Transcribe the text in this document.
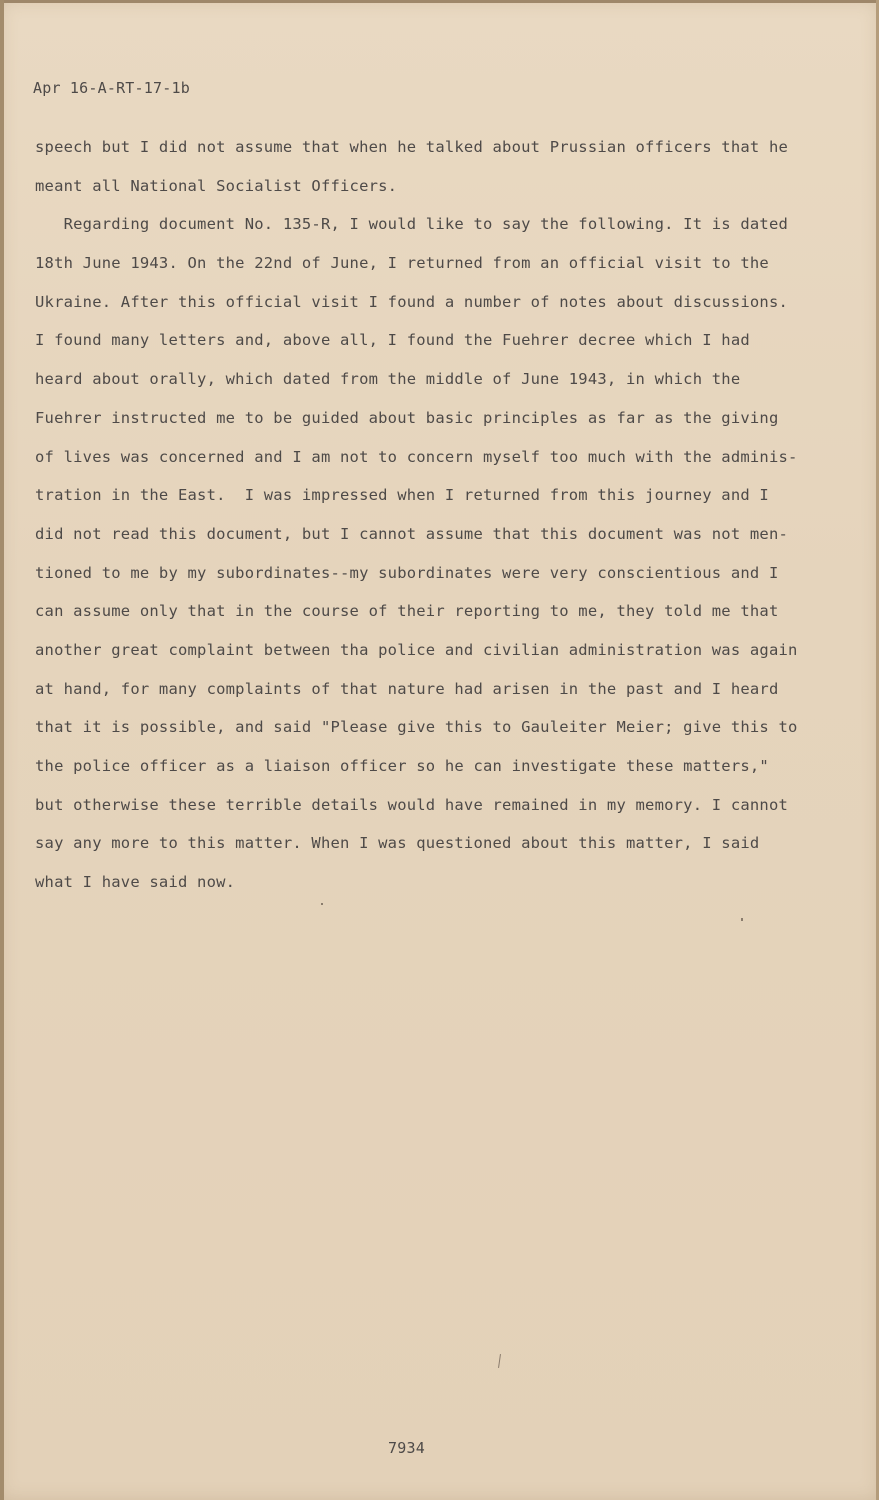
Apr 16-A-RT-17-1b
speech but I did not assume that when he talked about Prussian officers that he
meant all National Socialist Officers.
Regarding document No. 135-R, I would like to say the following. It is dated
18th June 1943. On the 22nd of June, I returned from an official visit to the
Ukraine. After this official visit I found a number of notes about discussions.
I found many letters and, above all, I found the Fuehrer decree which I had
heard about orally, which dated from the middle of June 1943, in which the
Fuehrer instructed me to be guided about basic principles as far as the giving
of lives was concerned and I am not to concern myself too much with the adminis-
tration in the East.  I was impressed when I returned from this journey and I
did not read this document, but I cannot assume that this document was not men-
tioned to me by my subordinates--my subordinates were very conscientious and I
can assume only that in the course of their reporting to me, they told me that
another great complaint between tha police and civilian administration was again
at hand, for many complaints of that nature had arisen in the past and I heard
that it is possible, and said "Please give this to Gauleiter Meier; give this to
the police officer as a liaison officer so he can investigate these matters,"
but otherwise these terrible details would have remained in my memory. I cannot
say any more to this matter. When I was questioned about this matter, I said
what I have said now.
7934
